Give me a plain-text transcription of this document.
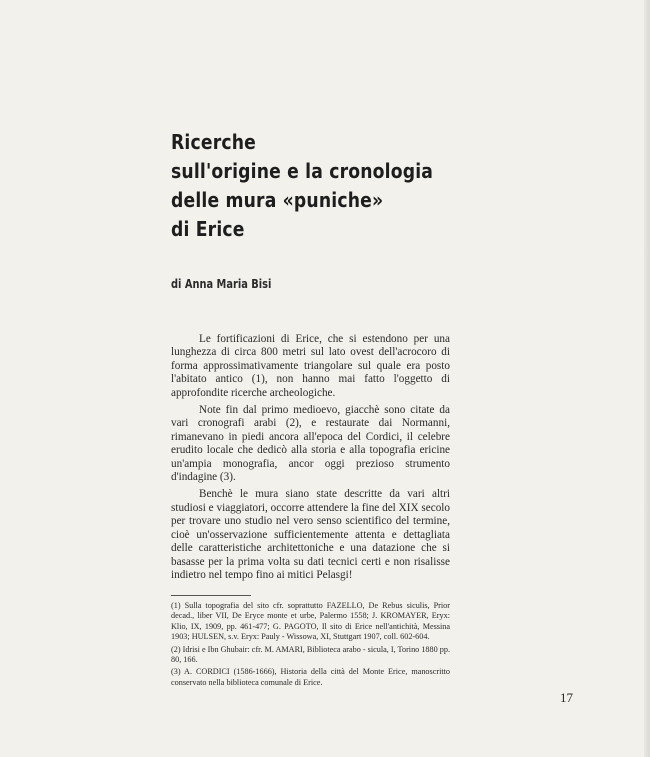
Ricerche
sull'origine e la cronologia
delle mura «puniche»
di Erice
di Anna Maria Bisi

Le fortificazioni di Erice, che si estendono per una lunghezza di circa 800 metri sul lato ovest dell'acrocoro di forma approssimativamente triangolare sul quale era posto l'abitato antico (1), non hanno mai fatto l'oggetto di approfondite ricerche archeologiche.

Note fin dal primo medioevo, giacchè sono citate da vari cronografi arabi (2), e restaurate dai Normanni, rimanevano in piedi ancora all'epoca del Cordici, il celebre erudito locale che dedicò alla storia e alla topografia ericine un'ampia monografia, ancor oggi prezioso strumento d'indagine (3).

Benchè le mura siano state descritte da vari altri studiosi e viaggiatori, occorre attendere la fine del XIX secolo per trovare uno studio nel vero senso scientifico del termine, cioè un'osservazione sufficientemente attenta e dettagliata delle caratteristiche architettoniche e una datazione che si basasse per la prima volta su dati tecnici certi e non risalisse indietro nel tempo fino ai mitici Pelasgi!

(1) Sulla topografia del sito cfr. soprattutto FAZELLO, De Rebus siculis, Prior decad., liber VII, De Eryce monte et urbe, Palermo 1558; J. KROMAYER, Eryx: Klio, IX, 1909, pp. 461-477; G. PAGOTO, Il sito di Erice nell'antichità, Messina 1903; HULSEN, s.v. Eryx: Pauly - Wissowa, XI, Stuttgart 1907, coll. 602-604.

(2) Idrisi e Ibn Ghubair: cfr. M. AMARI, Biblioteca arabo - sicula, I, Torino 1880 pp. 80, 166.

(3) A. CORDICI (1586-1666), Historia della città del Monte Erice, manoscritto conservato nella biblioteca comunale di Erice.

17
